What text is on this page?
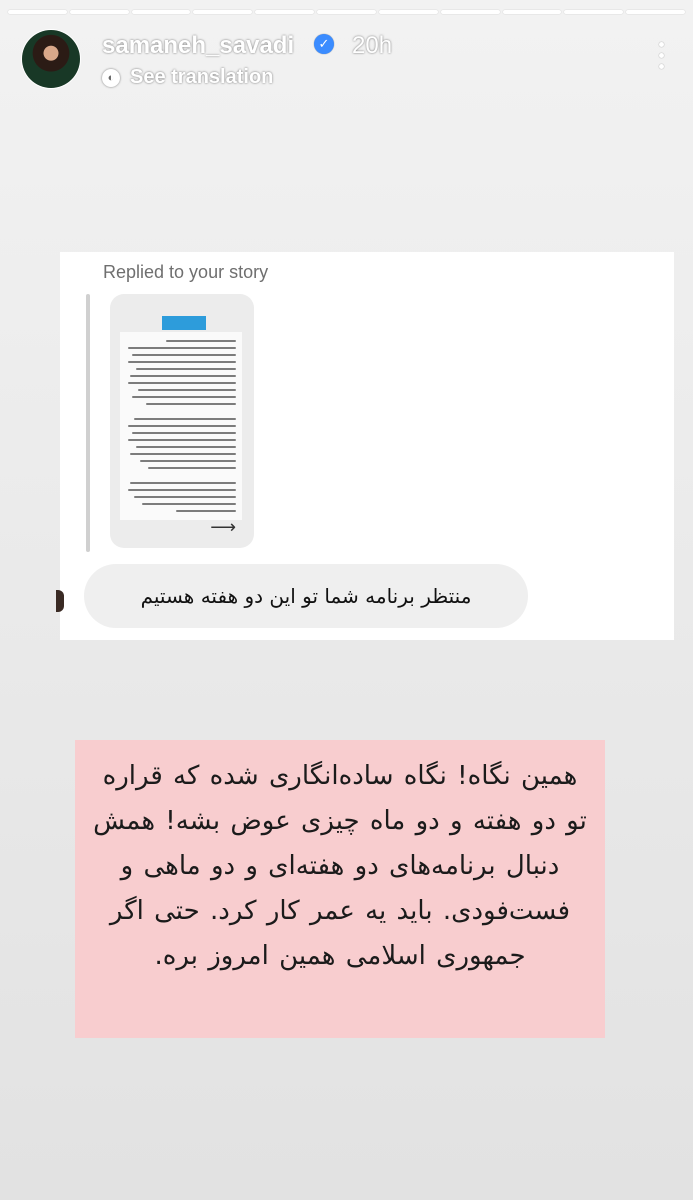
samaneh_savadi	✓ 20h
◐ See translation
Replied to your story
⟶
منتظر برنامه شما تو این دو هفته هستیم
همین نگاه! نگاه ساده‌انگاری شده که قراره تو دو هفته و دو ماه چیزی عوض بشه! همش دنبال برنامه‌های دو هفته‌ای و دو ماهی و فست‌فودی. باید یه عمر کار کرد. حتی اگر جمهوری اسلامی همین امروز بره.
